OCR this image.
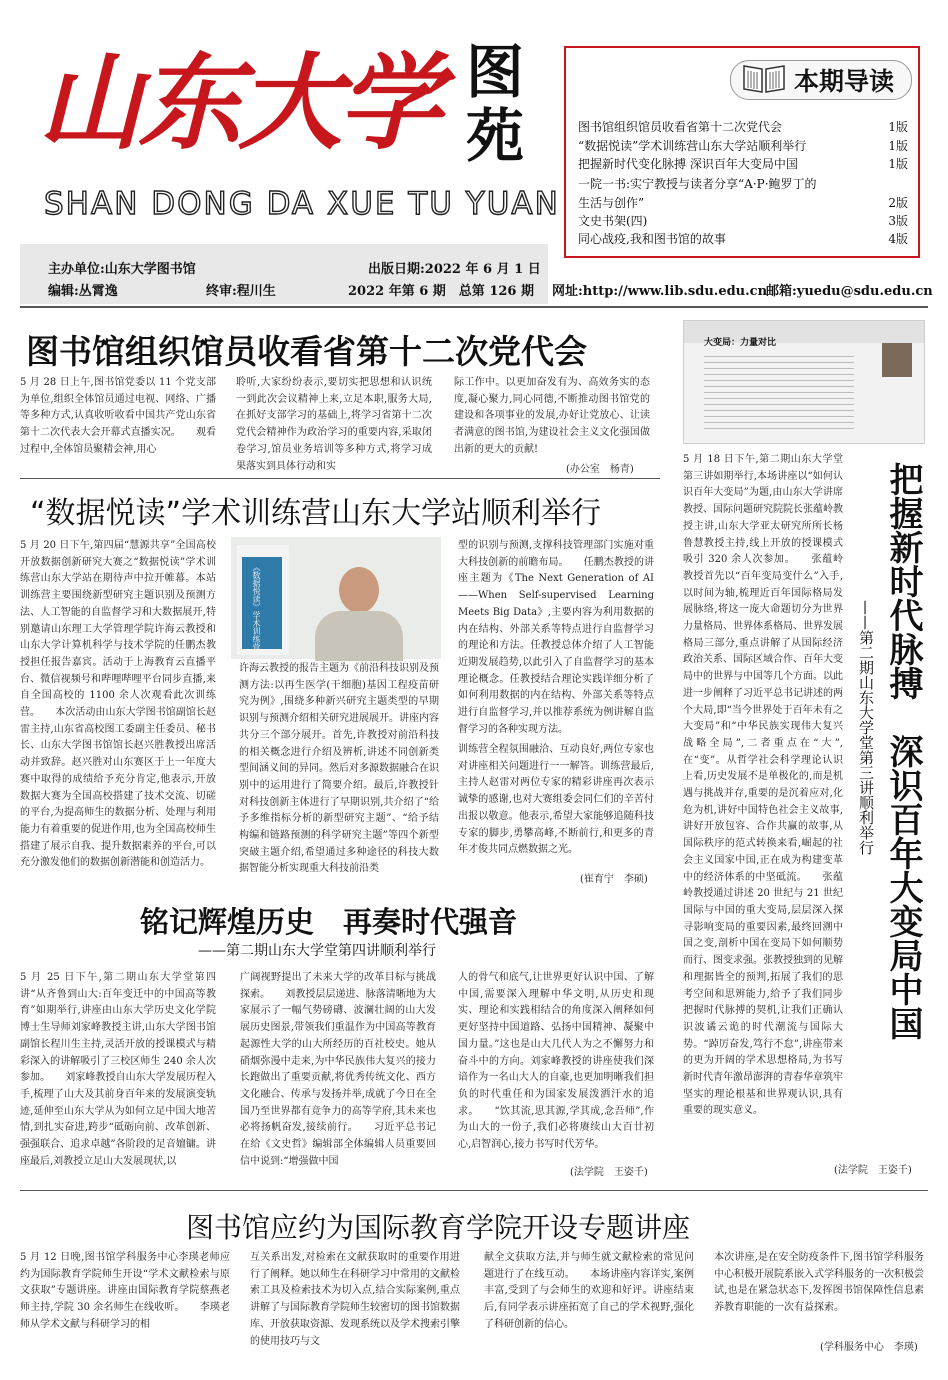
山东大学 图苑
SHAN DONG DA XUE TU YUAN
本期导读
图书馆组织馆员收看省第十二次党代会	1版
“数据悦读”学术训练营山东大学站顺利举行	1版
把握新时代变化脉搏 深识百年大变局中国	1版
一院一书:实宁教授与读者分享“A·P·鲍罗丁的
生活与创作”	2版
文史书架(四)	3版
同心战疫,我和图书馆的故事	4版
主办单位:山东大学图书馆	出版日期:2022 年 6 月 1 日
编辑:丛霄逸	终审:程川生	2022 年第 6 期　总第 126 期 网址:http://www.lib.sdu.edu.cn
邮箱:yuedu@sdu.edu.cn
图书馆组织馆员收看省第十二次党代会
5 月 28 日上午,图书馆党委以 11 个党支部为单位,组织全体馆员通过电视、网络、广播等多种方式,认真收听收看中国共产党山东省第十二次代表大会开幕式直播实况。　　观看过程中,全体馆员聚精会神,用心
聆听,大家纷纷表示,要切实把思想和认识统一到此次会议精神上来,立足本职,服务大局,在抓好支部学习的基础上,将学习省第十二次党代会精神作为政治学习的重要内容,采取闭卷学习,馆员业务培训等多种方式,将学习成果落实到具体行动和实
际工作中。以更加奋发有为、高效务实的态度,凝心聚力,同心同德,不断推动图书馆党的建设和各项事业的发展,办好让党放心、让读者满意的图书馆,为建设社会主义文化强国做出新的更大的贡献!
(办公室　杨青)
“数据悦读”学术训练营山东大学站顺利举行
5 月 20 日下午,第四届“慧源共享”全国高校开放数据创新研究大赛之“数据悦读”学术训练营山东大学站在期待声中拉开帷幕。本站训练营主要围绕新型研究主题识别及预测方法、人工智能的自监督学习和大数据展开,特别邀请山东理工大学管理学院许海云教授和山东大学计算机科学与技术学院的任鹏杰教授担任报告嘉宾。活动于上海教育云直播平台、微信视频号和哔哩哔哩平台同步直播,来自全国高校的 1100 余人次观看此次训练营。　　本次活动由山东大学图书馆副馆长赵雷主持,山东省高校图工委副主任委员、秘书长、山东大学图书馆馆长赵兴胜教授出席活动并致辞。赵兴胜对山东赛区于上一年度大赛中取得的成绩给予充分肯定,他表示,开放数据大赛为全国高校搭建了技术交流、切磋的平台,为提高师生的数据分析、处理与利用能力有着重要的促进作用,也为全国高校师生搭建了展示自我、提升数据素养的平台,可以充分激发他们的数据创新潜能和创造活力。
《数据悦读》学术训练营
许海云教授的报告主题为《前沿科技识别及预测方法:以再生医学(干细胞)基因工程疫苗研究为例》,围绕多种新兴研究主题类型的早期识别与预测介绍相关研究进展展开。讲座内容共分三个部分展开。首先,许教授对前沿科技的相关概念进行介绍及辨析,讲述不同创新类型间涵义间的异同。然后对多源数据融合在识别中的运用进行了简要介绍。最后,许教授针对科技创新主体进行了早期识别,共介绍了“给予多维指标分析的新型研究主题”、“给予结构编和链路预测的科学研究主题”等四个新型突破主题介绍,希望通过多种途径的科技大数据智能分析实现重大科技前沿类
型的识别与预测,支撑科技管理部门实施对重大科技创新的前瞻布局。　　任鹏杰教授的讲座主题为《The Next Generation of AI——When Self-supervised Learning Meets Big Data》,主要内容为利用数据的内在结构、外部关系等特点进行自监督学习的理论和方法。任教授总体介绍了人工智能近期发展趋势,以此引入了自监督学习的基本理论概念。任教授结合理论实践详细分析了如何利用数据的内在结构、外部关系等特点进行自监督学习,并以推荐系统为例讲解自监督学习的各种实现方法。
训练营全程氛围融洽、互动良好,两位专家也对讲座相关问题进行一一解答。训练营最后,主持人赵雷对两位专家的精彩讲座再次表示诚挚的感谢,也对大赛组委会同仁们的辛苦付出报以敬意。他表示,希望大家能够追随科技专家的脚步,勇攀高峰,不断前行,和更多的青年才俊共同点燃数据之光。
(崔育宁　李硕)
大变局：力量对比
把握新时代脉搏　深识百年大变局中国
——第二期山东大学堂第三讲顺利举行
5 月 18 日下午,第二期山东大学堂第三讲如期举行,本场讲座以“如何认识百年大变局”为题,由山东大学讲席教授、国际问题研究院院长张蕴岭教授主讲,山东大学亚太研究所所长杨鲁慧教授主持,线上开放的授课模式吸引 320 余人次参加。　　张蕴岭教授首先以“百年变局变什么”入手,以时间为轴,梳理近百年国际格局发展脉络,将这一庞大命题切分为世界力量格局、世界体系格局、世界发展格局三部分,重点讲解了从国际经济政治关系、国际区域合作、百年大变局中的世界与中国等几个方面。以此进一步阐释了习近平总书记讲述的两个大局,即“当今世界处于百年未有之大变局”和“中华民族实现伟大复兴战略全局”,二者重点在“大”,在“变”。从哲学社会科学理论认识上看,历史发展不是单极化的,而是机遇与挑战并存,重要的是沉着应对,化危为机,讲好中国特色社会主义故事,讲好开放包容、合作共赢的故事,从国际秩序的范式转换来看,崛起的社会主义国家中国,正在成为构建变革中的经济体系的中坚砥流。　　张蕴岭教授通过讲述 20 世纪与 21 世纪国际与中国的重大变局,层层深入探寻影响变局的重要因素,最终回溯中国之变,剖析中国在变局下如何顺势而行、图变求强。张教授独到的见解和理据皆全的预判,拓展了我们的思考空间和思辨能力,给予了我们同步把握时代脉搏的契机,让我们正确认识波谲云诡的时代潮流与国际大势。“踔厉奋发,笃行不怠”,讲座带来的更为开阔的学术思想格局,为书写新时代青年激昂澎湃的青春华章筑牢坚实的理论根基和世界观认识,具有重要的现实意义。
(法学院　王姿千)
铭记辉煌历史　再奏时代强音
——第二期山东大学堂第四讲顺利举行
5 月 25 日下午,第二期山东大学堂第四讲“从齐鲁到山大:百年变迁中的中国高等教育”如期举行,讲座由山东大学历史文化学院博士生导师刘家峰教授主讲,山东大学图书馆副馆长程川生主持,灵活开放的授课模式与精彩深入的讲解吸引了三校区师生 240 余人次参加。　　刘家峰教授自山东大学发展历程入手,梳理了山大及其前身百年来的发展演变轨迹,延伸至山东大学从为如何立足中国大地苦情,到扎实奋进,跨步“砥砺向前、改革创新、强强联合、追求卓越”各阶段的足音嬗镛。讲座最后,刘教授立足山大发展现状,以
广阔视野提出了未来大学的改革目标与挑战探索。　　刘教授层层递进、脉落清晰地为大家展示了一幅气势磅礴、波澜壮阔的山大发展历史图景,带领我们重温作为中国高等教育起源性大学的山大所经历的百社校史。她从硝烟弥漫中走来,为中华民族伟大复兴的接力长跑做出了重要贡献,将优秀传统文化、西方文化融合、传承与发扬并举,成就了今日在全国乃至世界都有竞争力的高等学府,其未来也必将扬帆奋发,接续前行。　　习近平总书记在给《文史哲》编辑部全体编辑人员重要回信中说到:“增强做中国
人的骨气和底气,让世界更好认识中国、了解中国,需要深入理解中华文明,从历史和现实、理论和实践相结合的角度深入阐释如何更好坚持中国道路、弘扬中国精神、凝聚中国力量。”这也是山大几代人为之不懈努力和奋斗中的方向。刘家峰教授的讲座使我们深谙作为一名山大人的自豪,也更加明晰我们担负的时代重任和为国家发展泼洒汗水的追求。　　“饮其流,思其源,学其成,念吾师”,作为山大的一份子,我们必将赓续山大百廿初心,启智润心,接力书写时代芳华。
(法学院　王姿千)
图书馆应约为国际教育学院开设专题讲座
5 月 12 日晚,图书馆学科服务中心李瑛老师应约为国际教育学院师生开设“学术文献检索与原文获取”专题讲座。讲座由国际教育学院蔡燕老师主持,学院 30 余名师生在线收听。　　李瑛老师从学术文献与科研学习的相
互关系出发,对检索在文献获取时的重要作用进行了阐释。她以师生在科研学习中常用的文献检索工具及检索技术为切入点,结合实际案例,重点讲解了与国际教育学院师生较密切的图书馆数据库、开放获取资源、发现系统以及学术搜索引擎的使用技巧与文
献全文获取方法,并与师生就文献检索的常见问题进行了在线互动。　　本场讲座内容详实,案例丰富,受到了与会师生的欢迎和好评。讲座结束后,有同学表示讲座拓宽了自己的学术视野,强化了科研创新的信心。
本次讲座,是在安全防疫条件下,图书馆学科服务中心积极开展院系嵌入式学科服务的一次积极尝试,也是在紧急状态下,发挥图书馆保障性信息素养教育职能的一次有益探索。
(学科服务中心　李瑛)
